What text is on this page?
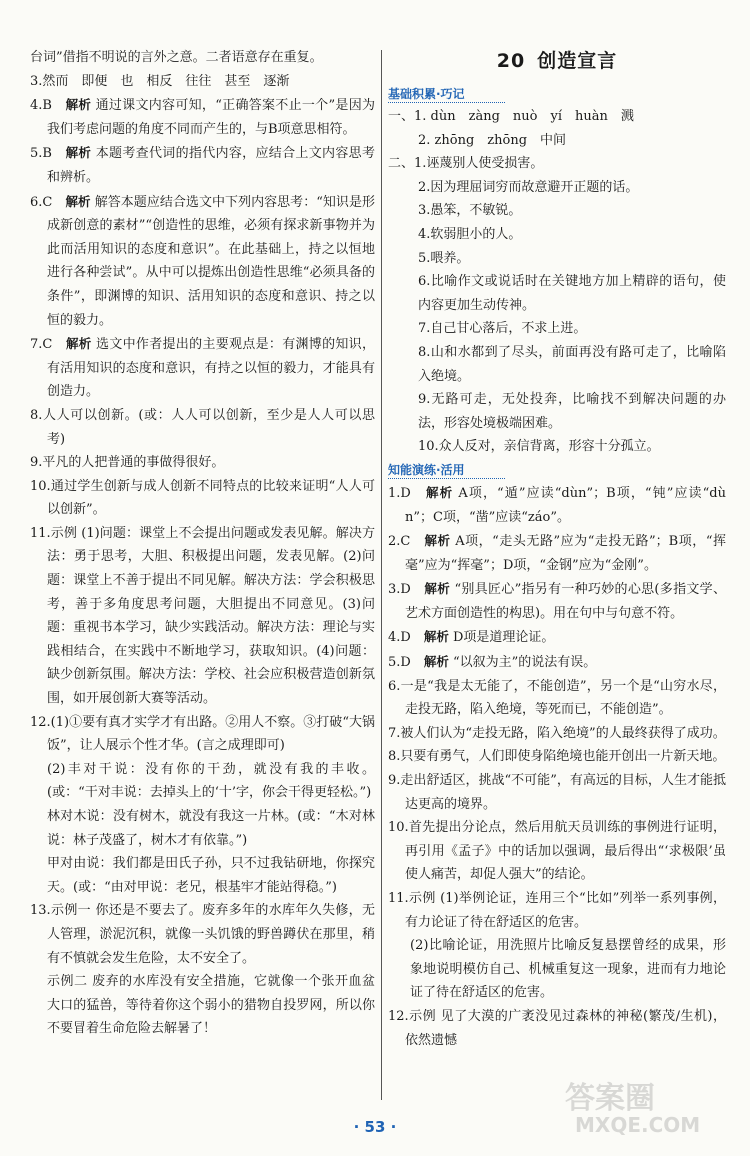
台词”借指不明说的言外之意。二者语意存在重复。

3.然而　即便　也　相反　往往　甚至　逐渐

4.B　 解析 通过课文内容可知，“正确答案不止一个”是因为我们考虑问题的角度不同而产生的，与B项意思相符。

5.B　 解析 本题考查代词的指代内容，应结合上文内容思考和辨析。

6.C　 解析 解答本题应结合选文中下列内容思考：“知识是形成新创意的素材”“创造性的思维，必须有探求新事物并为此而活用知识的态度和意识”。在此基础上，持之以恒地进行各种尝试”。从中可以提炼出创造性思维“必须具备的条件”，即渊博的知识、活用知识的态度和意识、持之以恒的毅力。

7.C　 解析 选文中作者提出的主要观点是：有渊博的知识，有活用知识的态度和意识，有持之以恒的毅力，才能具有创造力。

8.人人可以创新。(或：人人可以创新，至少是人人可以思考)

9.平凡的人把普通的事做得很好。

10.通过学生创新与成人创新不同特点的比较来证明“人人可以创新”。

11.示例 (1)问题：课堂上不会提出问题或发表见解。解决方法：勇于思考，大胆、积极提出问题，发表见解。(2)问题：课堂上不善于提出不同见解。解决方法：学会积极思考，善于多角度思考问题，大胆提出不同意见。(3)问题：重视书本学习，缺少实践活动。解决方法：理论与实践相结合，在实践中不断地学习，获取知识。(4)问题：缺少创新氛围。解决方法：学校、社会应积极营造创新氛围，如开展创新大赛等活动。

12.(1)①要有真才实学才有出路。②用人不察。③打破“大锅饭”，让人展示个性才华。(言之成理即可)

(2)丰对干说：没有你的干劲，就没有我的丰收。(或：“干对丰说：去掉头上的‘十’字，你会干得更轻松。”)

林对木说：没有树木，就没有我这一片林。(或：“木对林说：林子茂盛了，树木才有依靠。”)

甲对由说：我们都是田氏子孙，只不过我钻研地，你探究天。(或：“由对甲说：老兄，根基牢才能站得稳。”)

13.示例一 你还是不要去了。废弃多年的水库年久失修，无人管理，淤泥沉积，就像一头饥饿的野兽蹲伏在那里，稍有不慎就会发生危险，太不安全了。

示例二 废弃的水库没有安全措施，它就像一个张开血盆大口的猛兽，等待着你这个弱小的猎物自投罗网，所以你不要冒着生命危险去解暑了！

20 创造宣言
基础积累·巧记

一、1. dùn　zàng　nuò　yí　huàn　溅

2. zhōng　zhōng　中间

二、1.诬蔑别人使受损害。

2.因为理屈词穷而故意避开正题的话。

3.愚笨，不敏锐。

4.软弱胆小的人。

5.喂养。

6.比喻作文或说话时在关键地方加上精辟的语句，使内容更加生动传神。

7.自己甘心落后，不求上进。

8.山和水都到了尽头，前面再没有路可走了，比喻陷入绝境。

9.无路可走，无处投奔，比喻找不到解决问题的办法，形容处境极端困难。

10.众人反对，亲信背离，形容十分孤立。

知能演练·活用

1.D　 解析 A项，“遁”应读“dùn”；B项，“钝”应读“dùn”；C项，“凿”应读“záo”。

2.C　 解析 A项，“走头无路”应为“走投无路”；B项，“挥毫”应为“挥毫”；D项，“金钢”应为“金刚”。

3.D　 解析 “别具匠心”指另有一种巧妙的心思(多指文学、艺术方面创造性的构思)。用在句中与句意不符。

4.D　 解析 D项是道理论证。

5.D　 解析 “以叙为主”的说法有误。

6.一是“我是太无能了，不能创造”，另一个是“山穷水尽，走投无路，陷入绝境，等死而已，不能创造”。

7.被人们认为“走投无路，陷入绝境”的人最终获得了成功。

8.只要有勇气，人们即使身陷绝境也能开创出一片新天地。

9.走出舒适区，挑战“不可能”，有高远的目标，人生才能抵达更高的境界。

10.首先提出分论点，然后用航天员训练的事例进行证明，再引用《孟子》中的话加以强调，最后得出“‘求极限’虽使人痛苦，却促人强大”的结论。

11.示例 (1)举例论证，连用三个“比如”列举一系列事例，有力论证了待在舒适区的危害。

(2)比喻论证，用洗照片比喻反复悬摆曾经的成果，形象地说明模仿自己、机械重复这一现象，进而有力地论证了待在舒适区的危害。

12.示例 见了大漠的广袤没见过森林的神秘(繁茂/生机)，依然遗憾

· 53 ·
答案圈
MXQE.COM
